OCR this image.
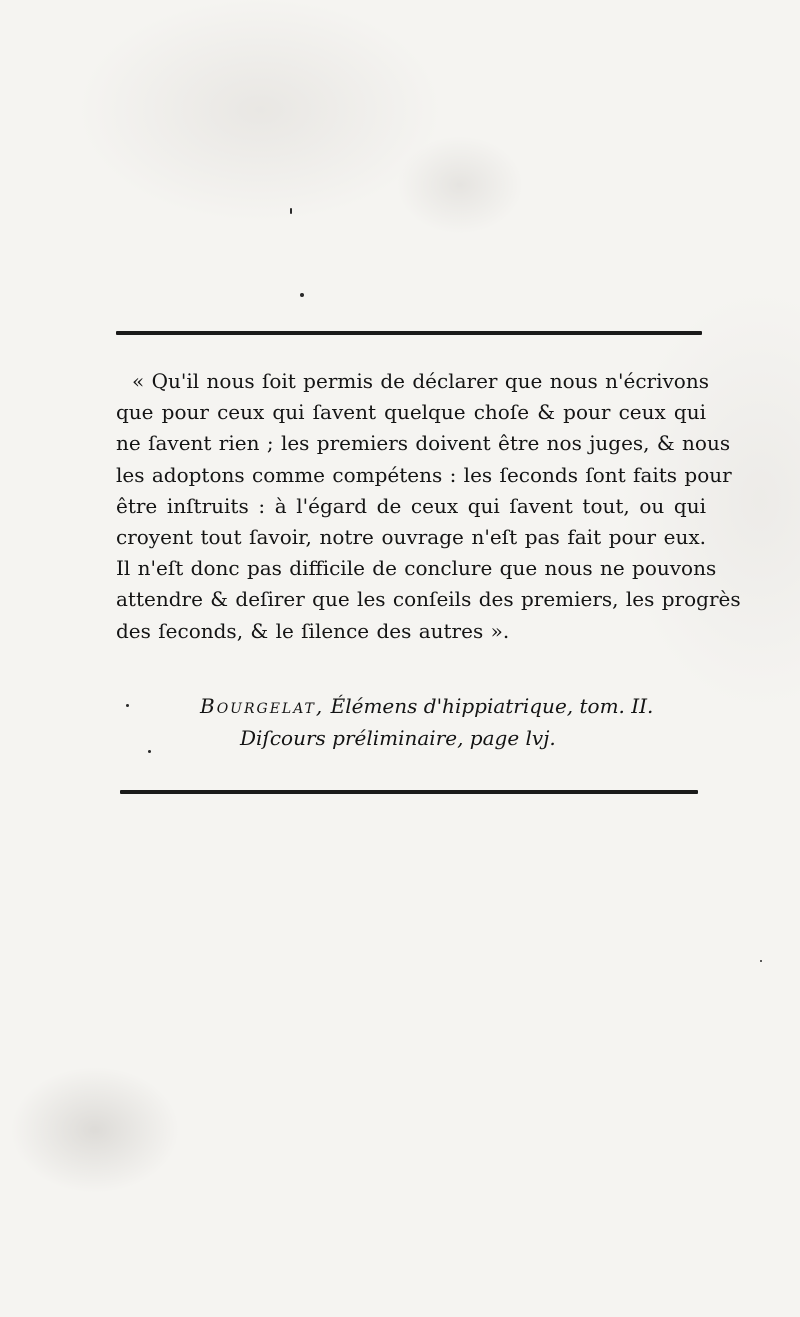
« Qu'il nous ſoit permis de déclarer que nous n'écrivons
que pour ceux qui ſavent quelque choſe & pour ceux qui
ne ſavent rien ; les premiers doivent être nos juges, & nous
les adoptons comme compétens : les ſeconds ſont faits pour
être inſtruits : à l'égard de ceux qui ſavent tout, ou qui
croyent tout ſavoir, notre ouvrage n'eſt pas fait pour eux.
Il n'eſt donc pas difficile de conclure que nous ne pouvons
attendre & deſirer que les conſeils des premiers, les progrès
des ſeconds, & le ſilence des autres ».
Bourgelat, Élémens d'hippiatrique, tom. II.
Diſcours préliminaire, page lvj.
